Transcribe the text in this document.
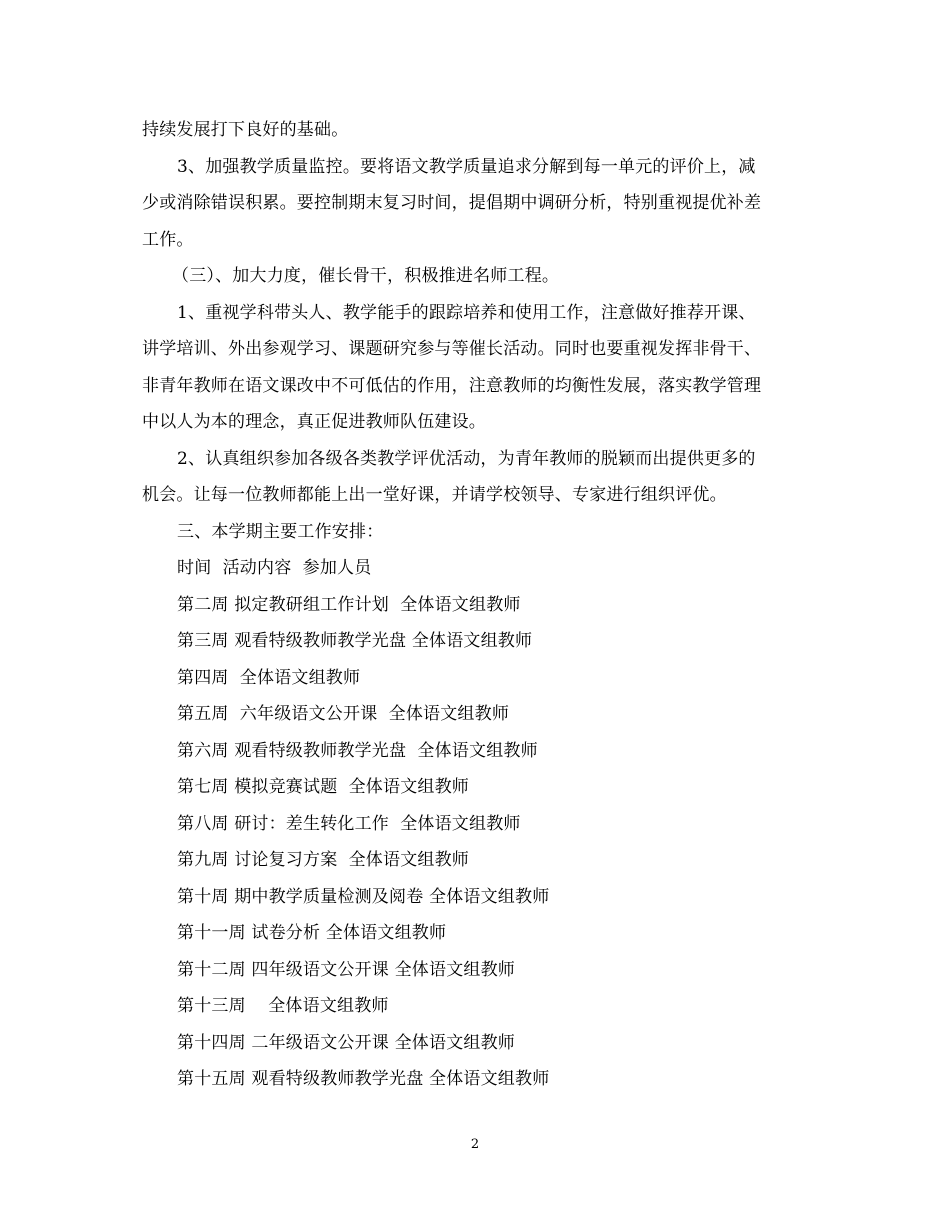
持续发展打下良好的基础。
3、加强教学质量监控。要将语文教学质量追求分解到每一单元的评价上，减
少或消除错误积累。要控制期末复习时间，提倡期中调研分析，特别重视提优补差
工作。
（三）、加大力度，催长骨干，积极推进名师工程。
1、重视学科带头人、教学能手的跟踪培养和使用工作，注意做好推荐开课、
讲学培训、外出参观学习、课题研究参与等催长活动。同时也要重视发挥非骨干、
非青年教师在语文课改中不可低估的作用，注意教师的均衡性发展，落实教学管理
中以人为本的理念，真正促进教师队伍建设。
2、认真组织参加各级各类教学评优活动，为青年教师的脱颖而出提供更多的
机会。让每一位教师都能上出一堂好课，并请学校领导、专家进行组织评优。
三、本学期主要工作安排：
时间  活动内容  参加人员
第二周 拟定教研组工作计划  全体语文组教师
第三周 观看特级教师教学光盘 全体语文组教师
第四周  全体语文组教师
第五周  六年级语文公开课  全体语文组教师
第六周 观看特级教师教学光盘  全体语文组教师
第七周 模拟竞赛试题  全体语文组教师
第八周 研讨：差生转化工作  全体语文组教师
第九周 讨论复习方案  全体语文组教师
第十周 期中教学质量检测及阅卷 全体语文组教师
第十一周 试卷分析 全体语文组教师
第十二周 四年级语文公开课 全体语文组教师
第十三周    全体语文组教师
第十四周 二年级语文公开课 全体语文组教师
第十五周 观看特级教师教学光盘 全体语文组教师
2
